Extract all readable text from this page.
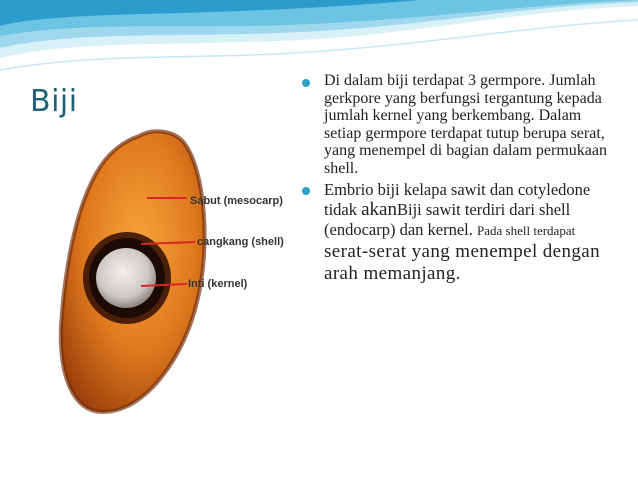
Biji
Sabut (mesocarp)
cangkang (shell)
Inti (kernel)
Di dalam biji terdapat 3 germpore. Jumlah gerkpore yang berfungsi tergantung kepada jumlah kernel yang berkembang. Dalam setiap germpore terdapat tutup berupa serat, yang menempel di bagian dalam permukaan shell.
Embrio biji kelapa sawit dan cotyledone tidak akanBiji sawit terdiri dari shell (endocarp) dan kernel. Pada shell terdapat serat-serat yang menempel dengan arah memanjang.
